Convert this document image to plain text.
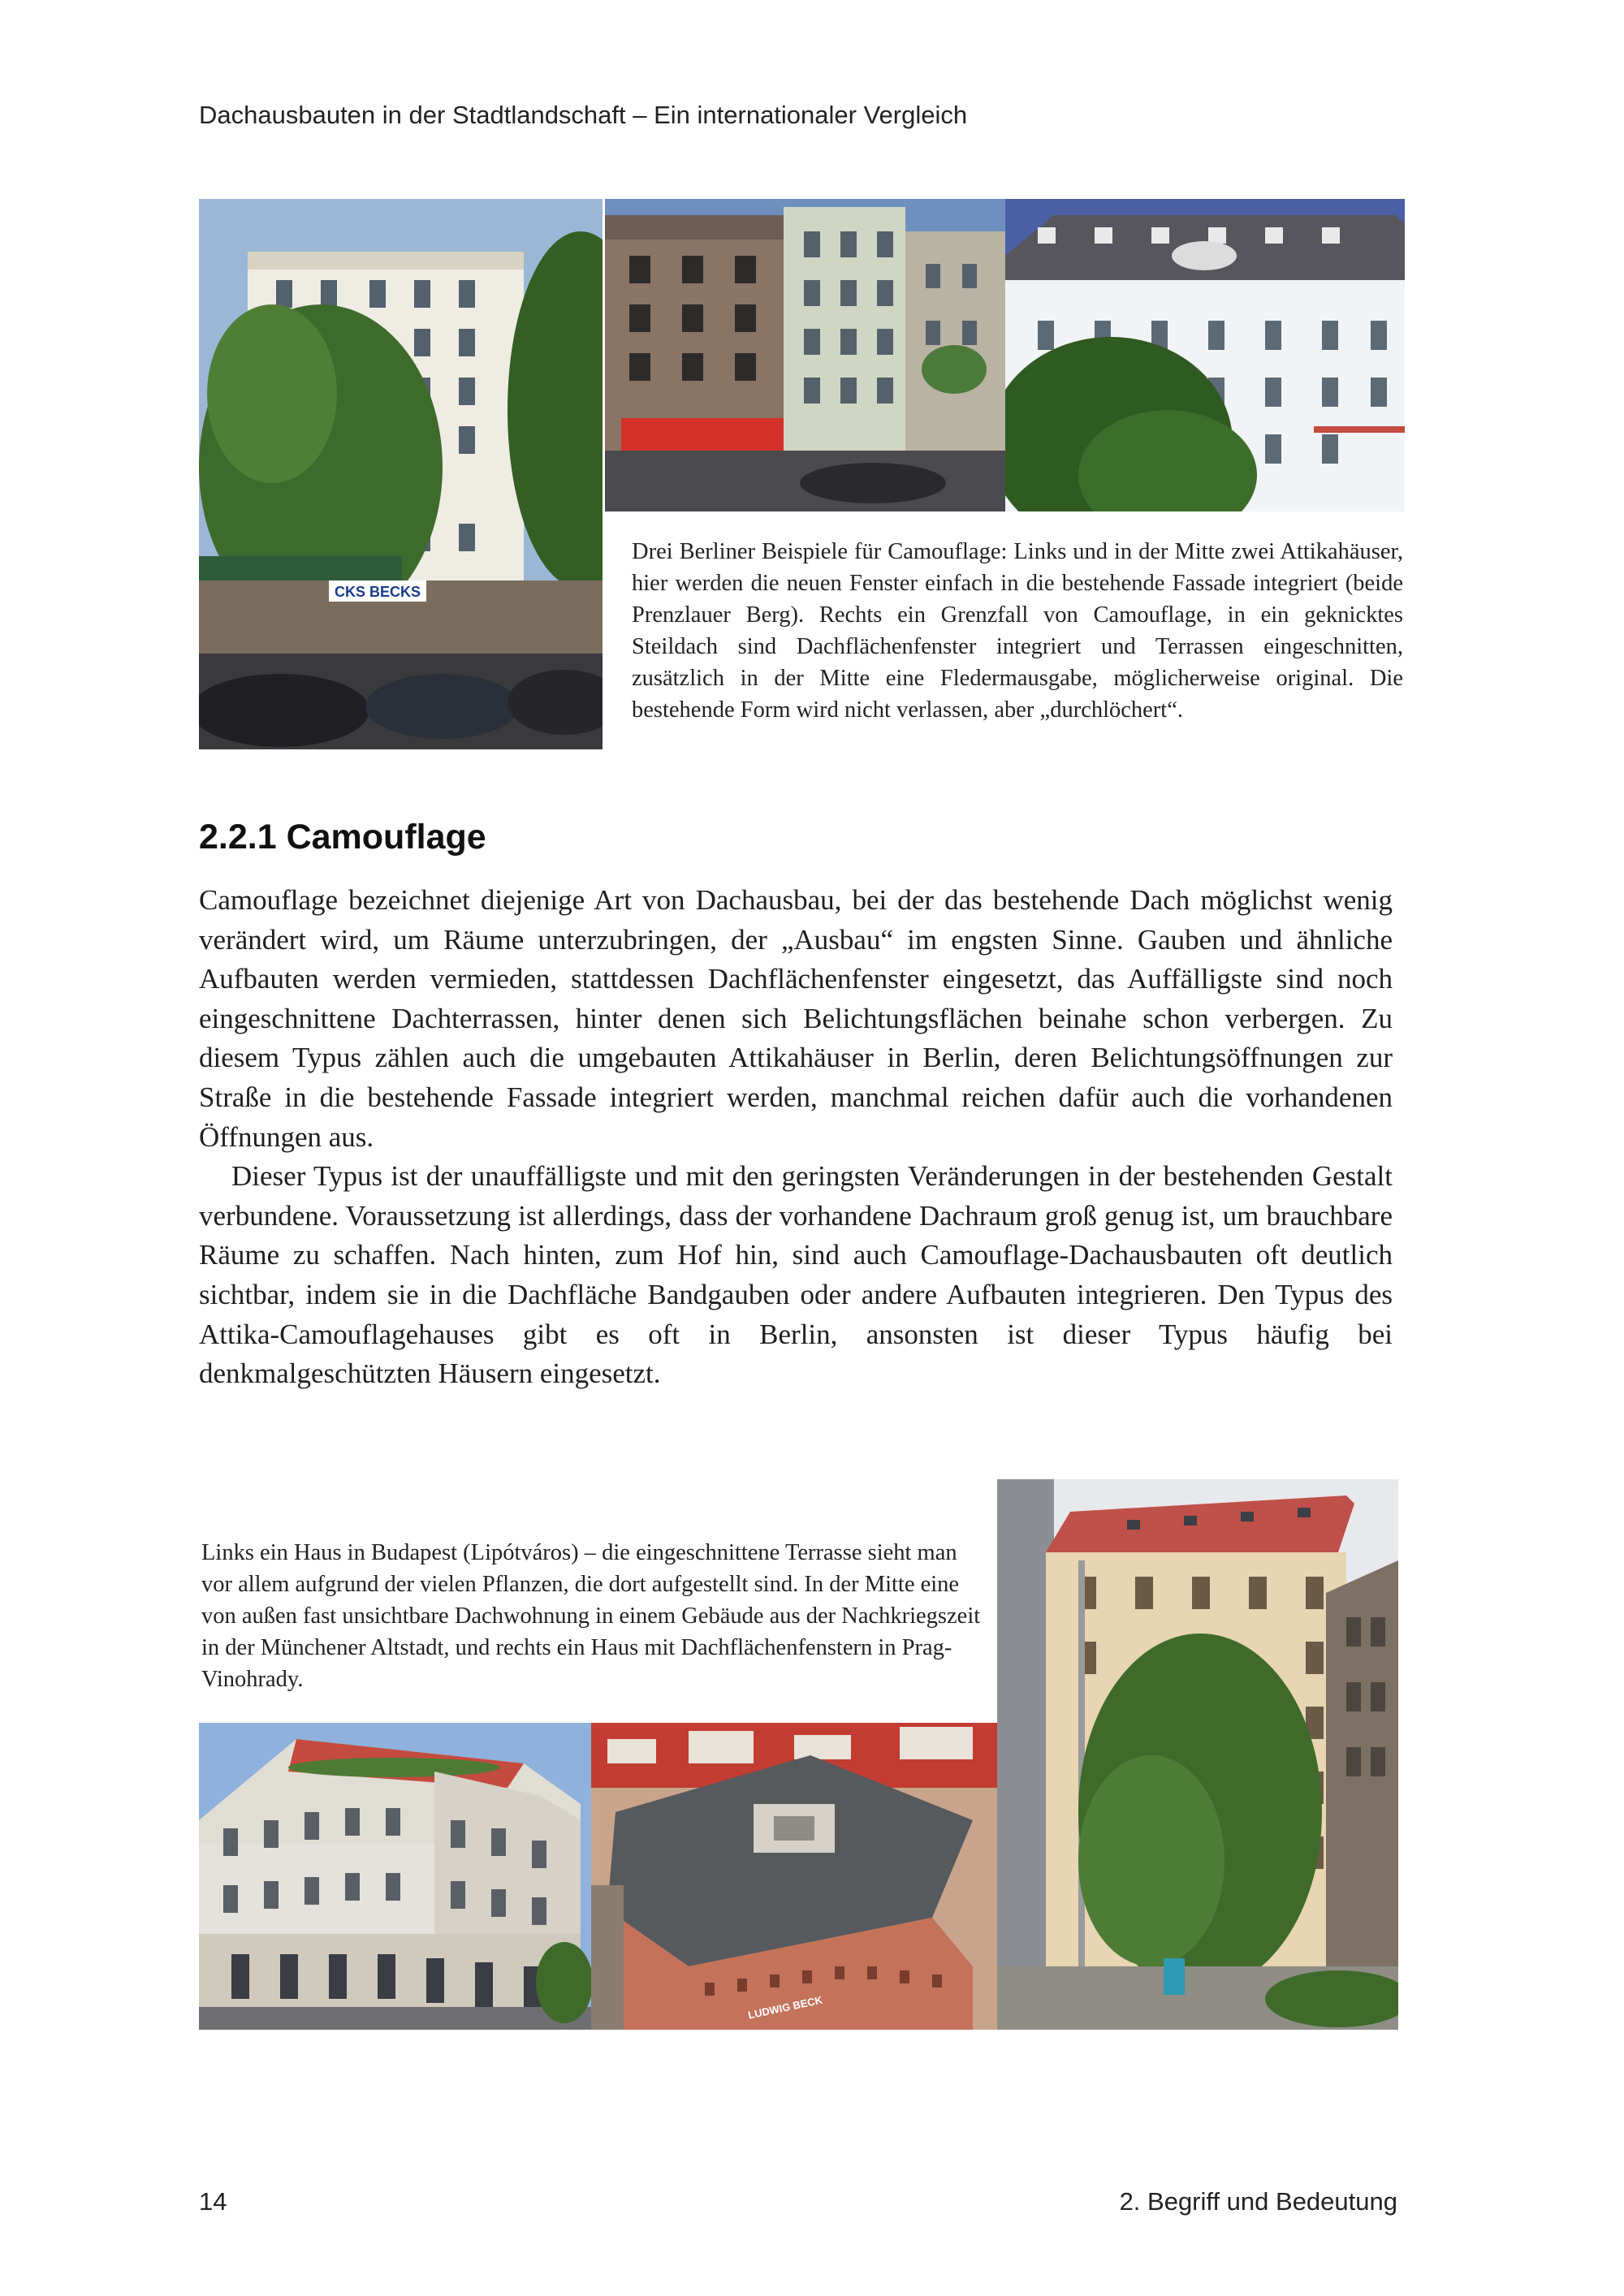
Dachausbauten in der Stadtlandschaft – Ein internationaler Vergleich
CKS BECKS

Drei Berliner Beispiele für Camouflage: Links und in der Mitte zwei Attikahäuser, hier werden die neuen Fenster einfach in die bestehende Fassade integriert (beide Prenzlauer Berg). Rechts ein Grenzfall von Camouflage, in ein geknicktes Steildach sind Dachflächenfenster integriert und Terrassen eingeschnitten, zusätzlich in der Mitte eine Fledermausgabe, möglicherweise original. Die bestehende Form wird nicht verlassen, aber „durchlöchert“.

2.2.1 Camouflage

Camouflage bezeichnet diejenige Art von Dachausbau, bei der das bestehende Dach möglichst wenig verändert wird, um Räume unterzubringen, der „Ausbau“ im engsten Sinne. Gauben und ähnliche Aufbauten werden vermieden, stattdessen Dachflächenfenster eingesetzt, das Auffälligste sind noch eingeschnittene Dachterrassen, hinter denen sich Belichtungsflächen beinahe schon verbergen. Zu diesem Typus zählen auch die umgebauten Attikahäuser in Berlin, deren Belichtungsöffnungen zur Straße in die bestehende Fassade integriert werden, manchmal reichen dafür auch die vorhandenen Öffnungen aus.

Dieser Typus ist der unauffälligste und mit den geringsten Veränderungen in der bestehenden Gestalt verbundene. Voraussetzung ist allerdings, dass der vorhandene Dachraum groß genug ist, um brauchbare Räume zu schaffen. Nach hinten, zum Hof hin, sind auch Camouflage-Dachausbauten oft deutlich sichtbar, indem sie in die Dachfläche Bandgauben oder andere Aufbauten integrieren. Den Typus des Attika-Camouflagehauses gibt es oft in Berlin, ansonsten ist dieser Typus häufig bei denkmalgeschützten Häusern eingesetzt.

Links ein Haus in Budapest (Lipótváros) – die eingeschnittene Terrasse sieht man vor allem aufgrund der vielen Pflanzen, die dort aufgestellt sind. In der Mitte eine von außen fast unsichtbare Dachwohnung in einem Gebäude aus der Nachkriegszeit in der Münchener Altstadt, und rechts ein Haus mit Dachflächenfenstern in Prag-Vinohrady.

LUDWIG BECK
14	2. Begriff und Bedeutung
